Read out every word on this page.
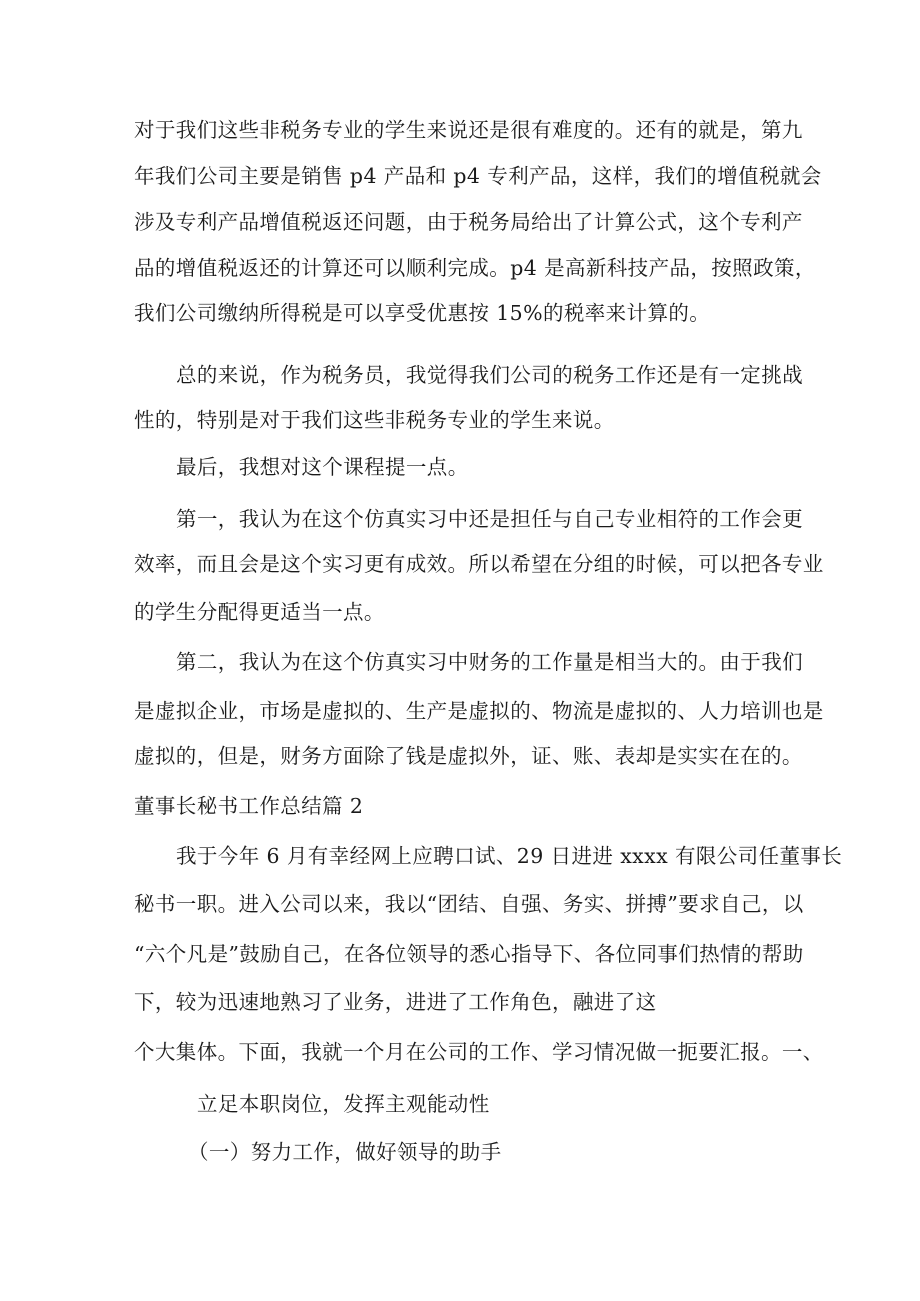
对于我们这些非税务专业的学生来说还是很有难度的。还有的就是，第九
年我们公司主要是销售 p4 产品和 p4 专利产品，这样，我们的增值税就会
涉及专利产品增值税返还问题，由于税务局给出了计算公式，这个专利产
品的增值税返还的计算还可以顺利完成。p4 是高新科技产品，按照政策，
我们公司缴纳所得税是可以享受优惠按 15%的税率来计算的。
总的来说，作为税务员，我觉得我们公司的税务工作还是有一定挑战
性的，特别是对于我们这些非税务专业的学生来说。
最后，我想对这个课程提一点。
第一，我认为在这个仿真实习中还是担任与自己专业相符的工作会更
效率，而且会是这个实习更有成效。所以希望在分组的时候，可以把各专业
的学生分配得更适当一点。
第二，我认为在这个仿真实习中财务的工作量是相当大的。由于我们
是虚拟企业，市场是虚拟的、生产是虚拟的、物流是虚拟的、人力培训也是
虚拟的，但是，财务方面除了钱是虚拟外，证、账、表却是实实在在的。
董事长秘书工作总结篇 2
我于今年 6 月有幸经网上应聘口试、29 日进进 xxxx 有限公司任董事长
秘书一职。进入公司以来，我以“团结、自强、务实、拼搏”要求自己，以
“六个凡是”鼓励自己，在各位领导的悉心指导下、各位同事们热情的帮助
下，较为迅速地熟习了业务，进进了工作角色，融进了这
个大集体。下面，我就一个月在公司的工作、学习情况做一扼要汇报。一、
立足本职岗位，发挥主观能动性
（一）努力工作，做好领导的助手
